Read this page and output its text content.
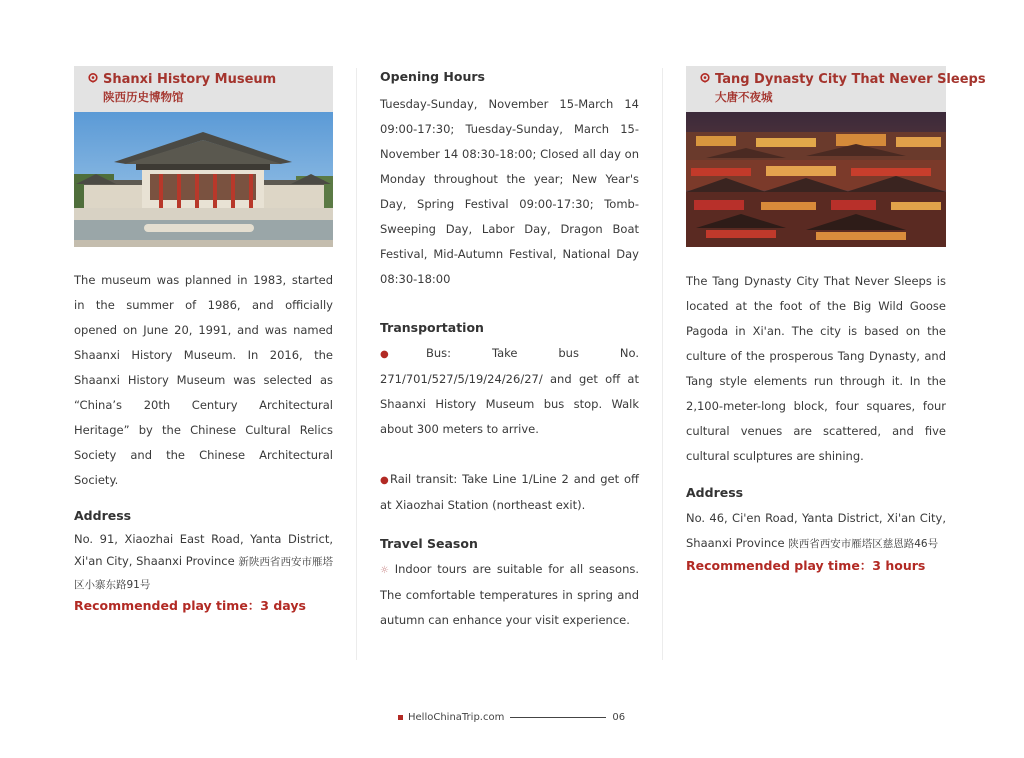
Shanxi History Museum
陕西历史博物馆

The museum was planned in 1983, started in the summer of 1986, and officially opened on June 20, 1991, and was named Shaanxi History Museum. In 2016, the Shaanxi History Museum was selected as “China’s 20th Century Architectural Heritage” by the Chinese Cultural Relics Society and the Chinese Architectural Society.

Address

No. 91, Xiaozhai East Road, Yanta District, Xi'an City, Shaanxi Province 新陕西省西安市雁塔区小寨东路91号

Recommended play time：3 days
Opening Hours

Tuesday-Sunday, November 15-March 14 09:00-17:30; Tuesday-Sunday, March 15-November 14 08:30-18:00; Closed all day on Monday throughout the year; New Year's Day, Spring Festival 09:00-17:30; Tomb-Sweeping Day, Labor Day, Dragon Boat Festival, Mid-Autumn Festival, National Day 08:30-18:00

Transportation

●Bus: Take bus No. 271/701/527/5/19/24/26/27/ and get off at Shaanxi History Museum bus stop. Walk about 300 meters to arrive.

●Rail transit: Take Line 1/Line 2 and get off at Xiaozhai Station (northeast exit).

Travel Season

☼ Indoor tours are suitable for all seasons. The comfortable temperatures in spring and autumn can enhance your visit experience.

Tang Dynasty City That Never Sleeps
大唐不夜城

The Tang Dynasty City That Never Sleeps is located at the foot of the Big Wild Goose Pagoda in Xi'an. The city is based on the culture of the prosperous Tang Dynasty, and Tang style elements run through it. In the 2,100-meter-long block, four squares, four cultural venues are scattered, and five cultural sculptures are shining.

Address

No. 46, Ci'en Road, Yanta District, Xi'an City, Shaanxi Province 陕西省西安市雁塔区慈恩路46号

Recommended play time：3 hours
HelloChinaTrip.com	06
